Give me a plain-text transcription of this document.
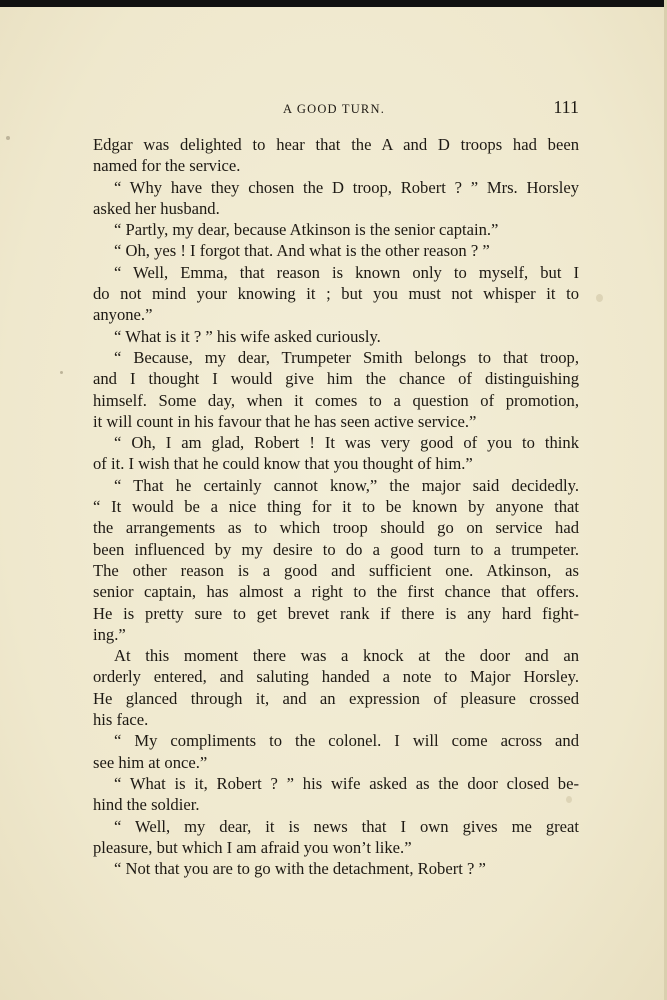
A GOOD TURN.	111
Edgar was delighted to hear that the A and D troops had been
named for the service.
“ Why have they chosen the D troop, Robert ? ” Mrs. Horsley
asked her husband.
“ Partly, my dear, because Atkinson is the senior captain.”
“ Oh, yes ! I forgot that. And what is the other reason ? ”
“ Well, Emma, that reason is known only to myself, but I
do not mind your knowing it ; but you must not whisper it to
anyone.”
“ What is it ? ” his wife asked curiously.
“ Because, my dear, Trumpeter Smith belongs to that troop,
and I thought I would give him the chance of distinguishing
himself. Some day, when it comes to a question of promotion,
it will count in his favour that he has seen active service.”
“ Oh, I am glad, Robert ! It was very good of you to think
of it. I wish that he could know that you thought of him.”
“ That he certainly cannot know,” the major said decidedly.
“ It would be a nice thing for it to be known by anyone that
the arrangements as to which troop should go on service had
been influenced by my desire to do a good turn to a trumpeter.
The other reason is a good and sufficient one. Atkinson, as
senior captain, has almost a right to the first chance that offers.
He is pretty sure to get brevet rank if there is any hard fight-
ing.”
At this moment there was a knock at the door and an
orderly entered, and saluting handed a note to Major Horsley.
He glanced through it, and an expression of pleasure crossed
his face.
“ My compliments to the colonel. I will come across and
see him at once.”
“ What is it, Robert ? ” his wife asked as the door closed be-
hind the soldier.
“ Well, my dear, it is news that I own gives me great
pleasure, but which I am afraid you won’t like.”
“ Not that you are to go with the detachment, Robert ? ”
